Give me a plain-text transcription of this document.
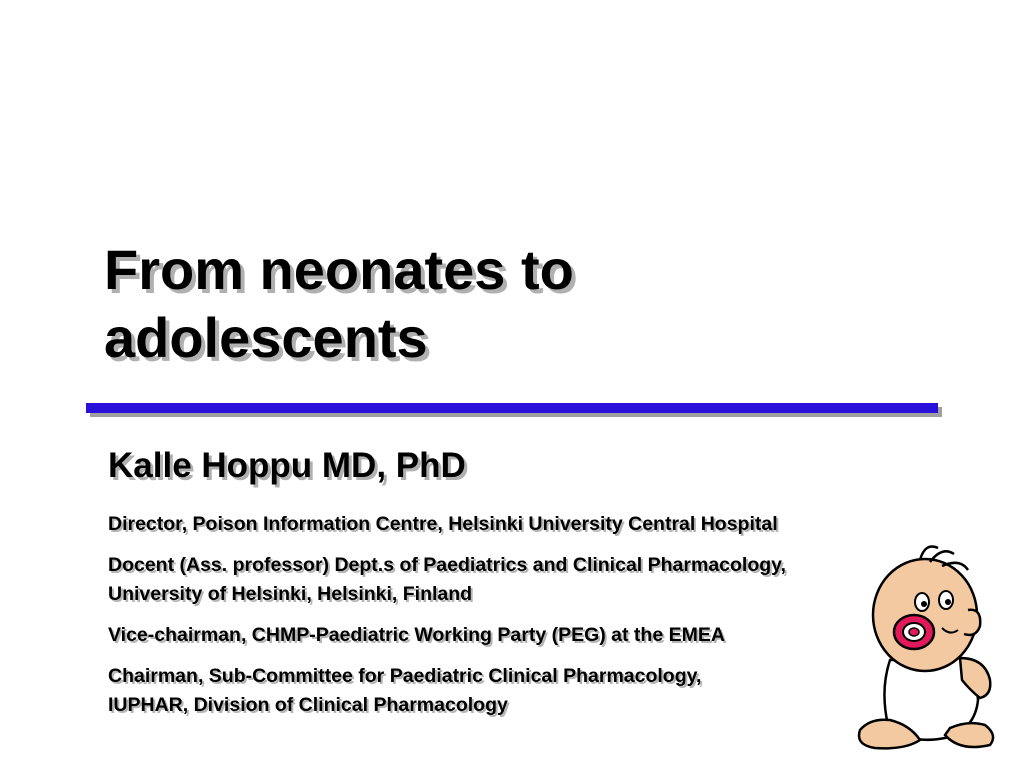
From neonates to
adolescents
Kalle Hoppu MD, PhD
Director, Poison Information Centre, Helsinki University Central Hospital
Docent (Ass. professor) Dept.s of Paediatrics and Clinical Pharmacology,
University of Helsinki, Helsinki, Finland
Vice-chairman, CHMP-Paediatric Working Party (PEG) at the EMEA
Chairman, Sub-Committee for Paediatric Clinical Pharmacology,
IUPHAR, Division of Clinical Pharmacology
